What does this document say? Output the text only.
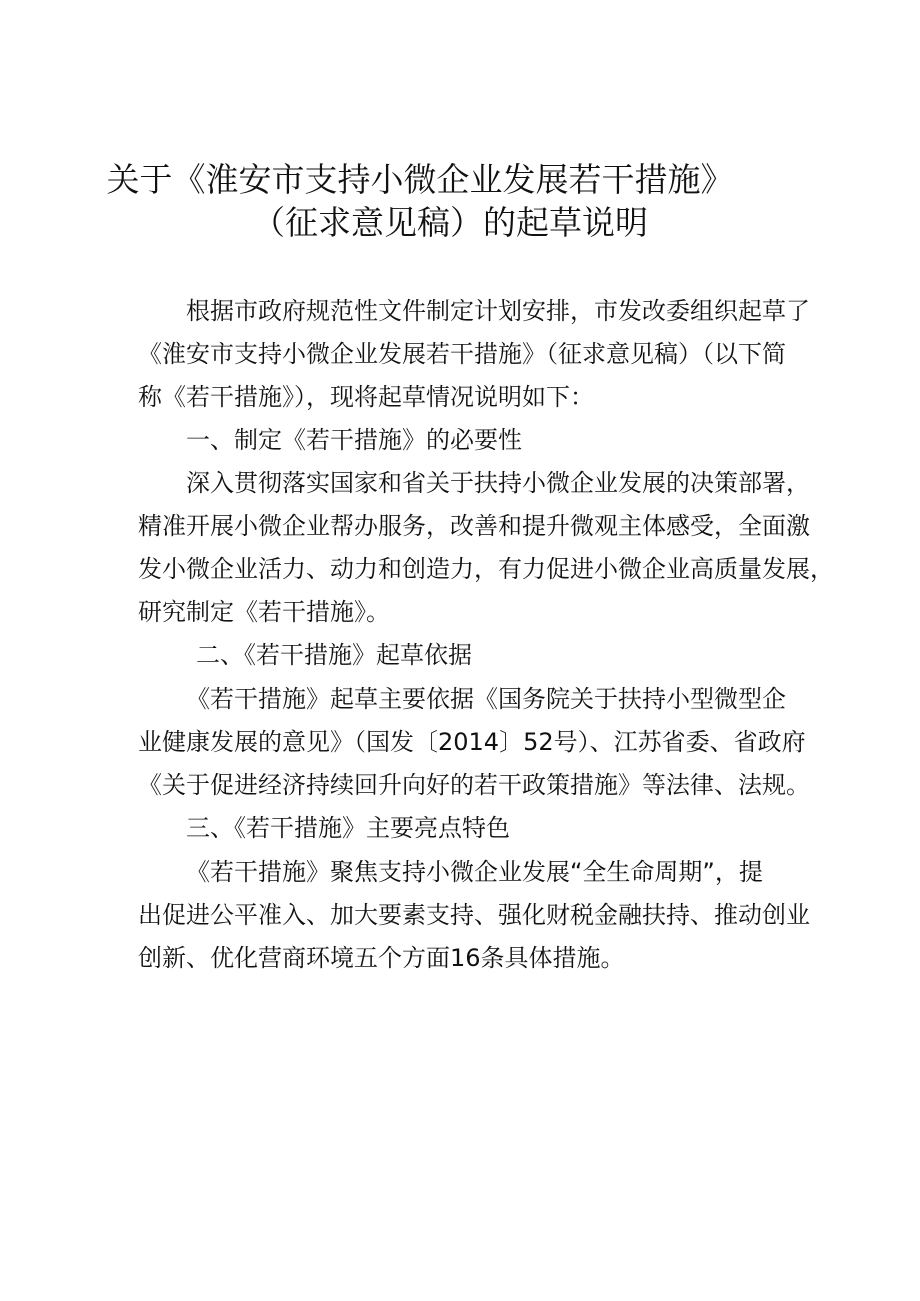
关于《淮安市支持小微企业发展若干措施》
（征求意见稿）的起草说明
根据市政府规范性文件制定计划安排，市发改委组织起草了
《淮安市支持小微企业发展若干措施》（征求意见稿）（以下简
称《若干措施》），现将起草情况说明如下：
一、制定《若干措施》的必要性
深入贯彻落实国家和省关于扶持小微企业发展的决策部署，
精准开展小微企业帮办服务，改善和提升微观主体感受，全面激
发小微企业活力、动力和创造力，有力促进小微企业高质量发展，
研究制定《若干措施》。
二、《若干措施》起草依据
《若干措施》起草主要依据《国务院关于扶持小型微型企
业健康发展的意见》（国发〔2014〕52号）、江苏省委、省政府
《关于促进经济持续回升向好的若干政策措施》等法律、法规。
三、《若干措施》主要亮点特色
《若干措施》聚焦支持小微企业发展“全生命周期”，提
出促进公平准入、加大要素支持、强化财税金融扶持、推动创业
创新、优化营商环境五个方面16条具体措施。
